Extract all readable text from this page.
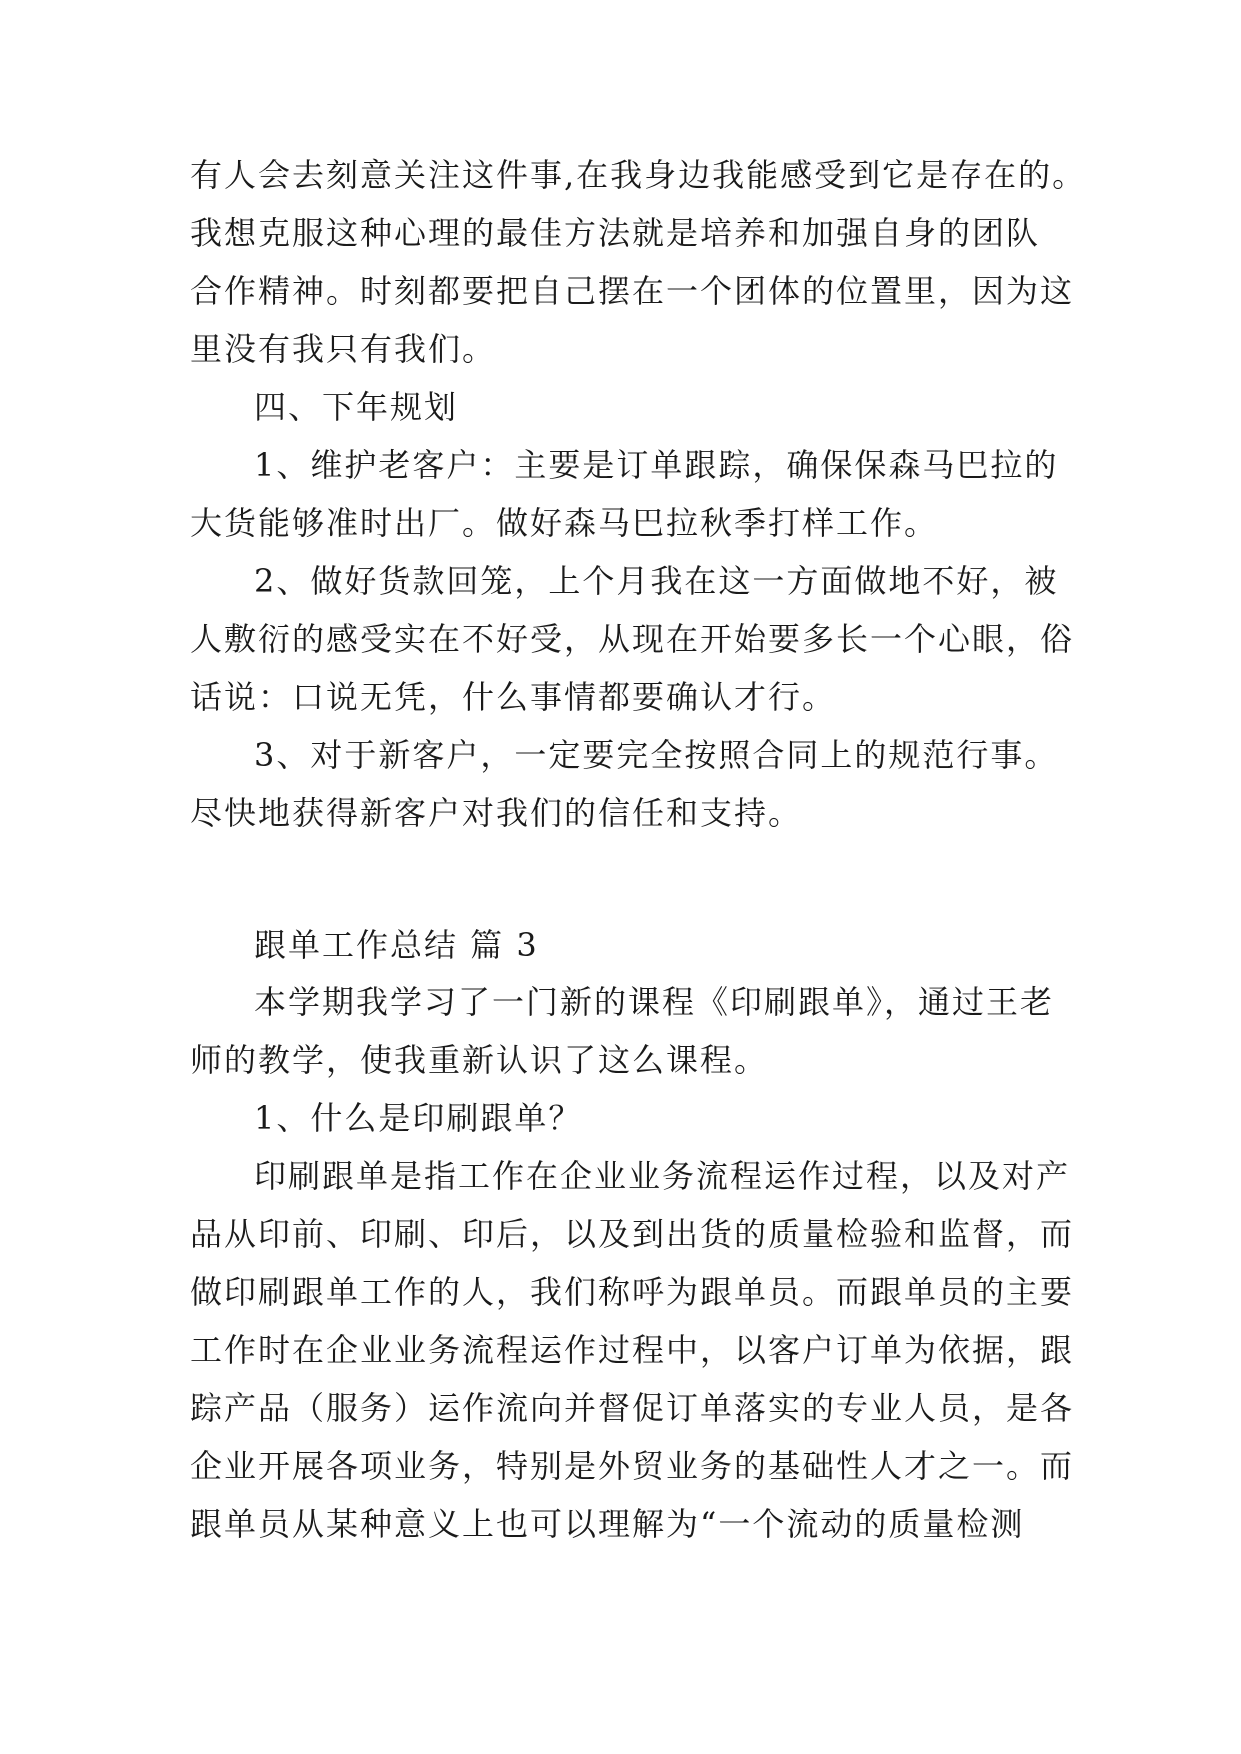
有人会去刻意关注这件事,在我身边我能感受到它是存在的。
我想克服这种心理的最佳方法就是培养和加强自身的团队
合作精神。时刻都要把自己摆在一个团体的位置里，因为这
里没有我只有我们。
四、下年规划
1、维护老客户：主要是订单跟踪，确保保森马巴拉的
大货能够准时出厂。做好森马巴拉秋季打样工作。
2、做好货款回笼，上个月我在这一方面做地不好，被
人敷衍的感受实在不好受，从现在开始要多长一个心眼，俗
话说：口说无凭，什么事情都要确认才行。
3、对于新客户，一定要完全按照合同上的规范行事。
尽快地获得新客户对我们的信任和支持。
跟单工作总结 篇 3
本学期我学习了一门新的课程《印刷跟单》，通过王老
师的教学，使我重新认识了这么课程。
1、什么是印刷跟单？
印刷跟单是指工作在企业业务流程运作过程，以及对产
品从印前、印刷、印后，以及到出货的质量检验和监督，而
做印刷跟单工作的人，我们称呼为跟单员。而跟单员的主要
工作时在企业业务流程运作过程中，以客户订单为依据，跟
踪产品（服务）运作流向并督促订单落实的专业人员，是各
企业开展各项业务，特别是外贸业务的基础性人才之一。而
跟单员从某种意义上也可以理解为“一个流动的质量检测
